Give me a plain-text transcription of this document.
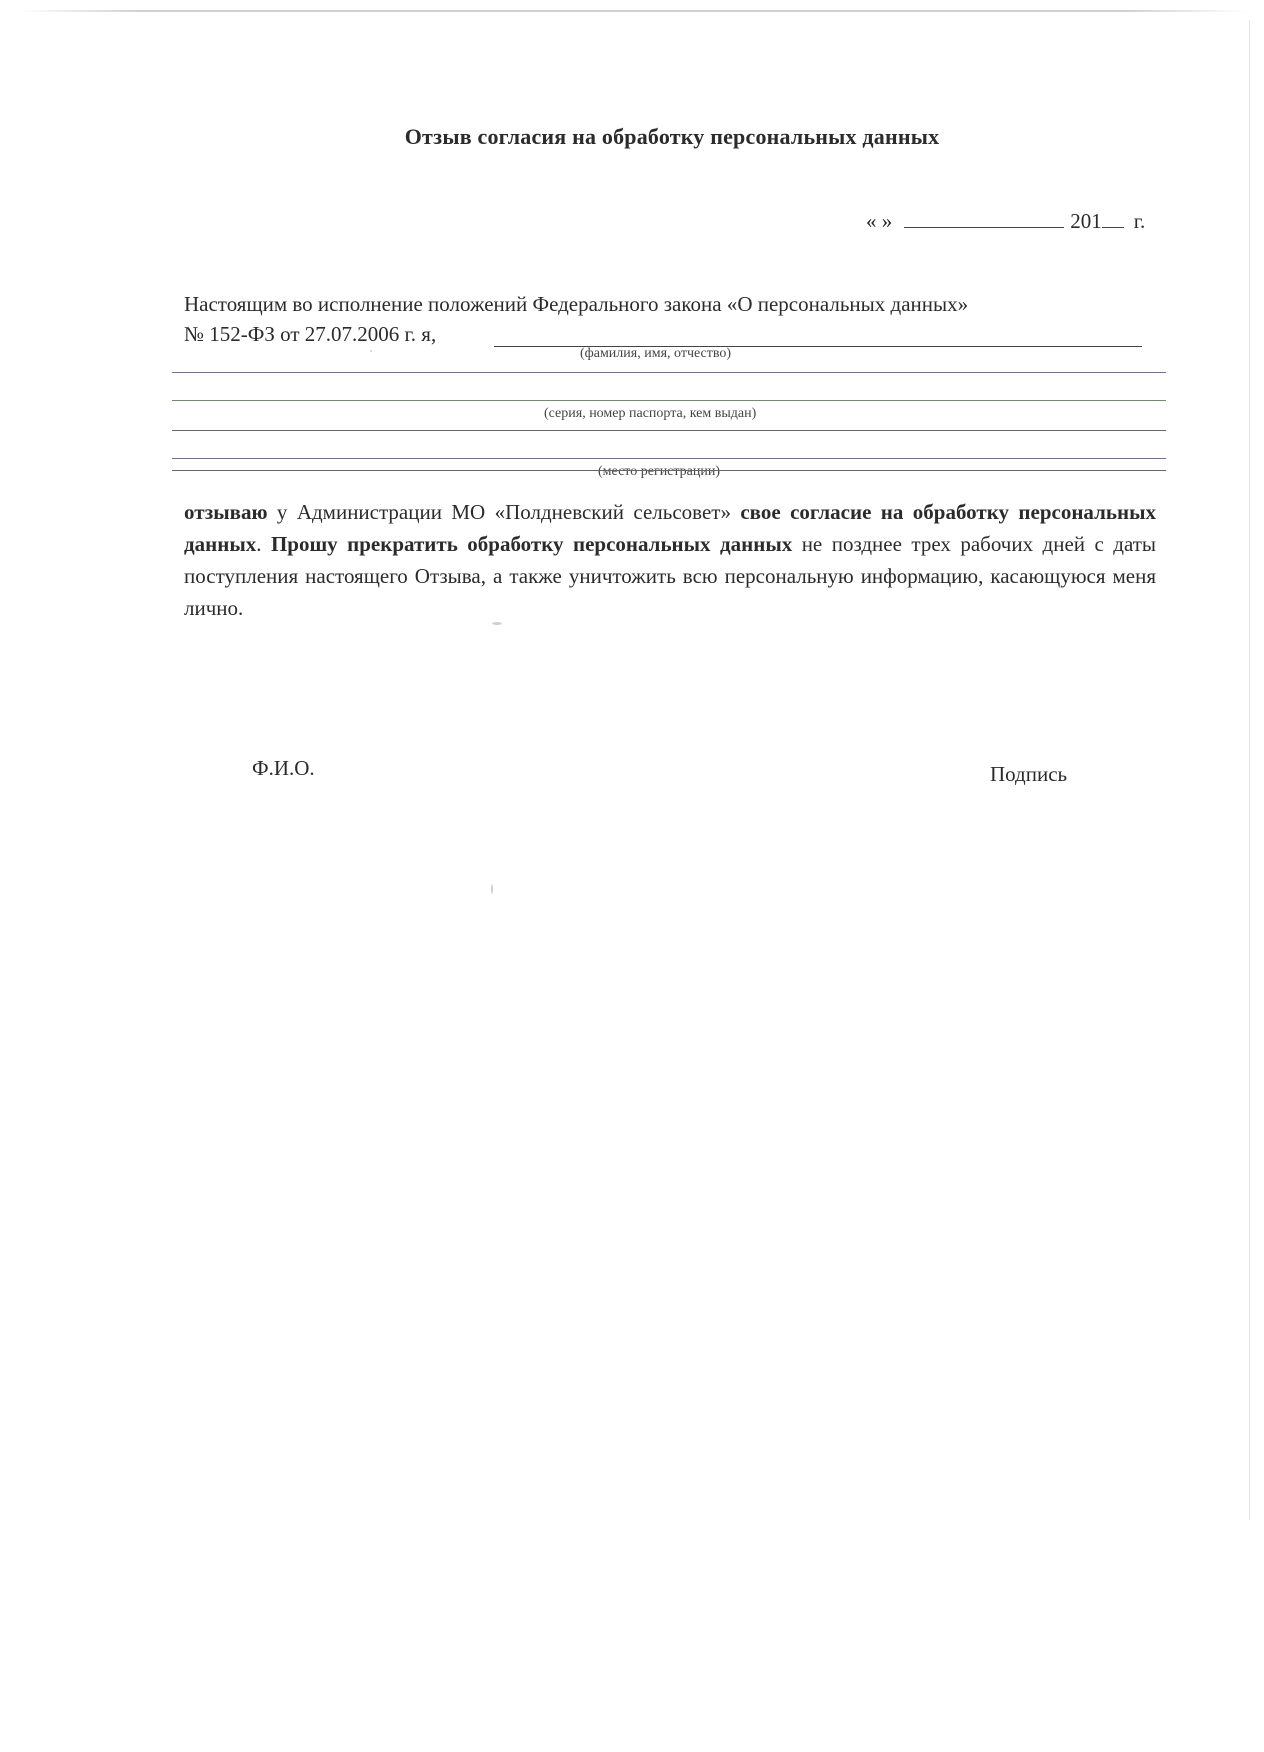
Отзыв согласия на обработку персональных данных
« »	201 г.
Настоящим во исполнение положений Федерального закона «О персональных данных»
№ 152-ФЗ от 27.07.2006 г. я,
(фамилия, имя, отчество)
(серия, номер паспорта, кем выдан)
(место регистрации)
отзываю у Администрации МО «Полдневский сельсовет» свое согласие на обработку персональных данных. Прошу прекратить обработку персональных данных не позднее трех рабочих дней с даты поступления настоящего Отзыва, а также уничтожить всю персональную информацию, касающуюся меня лично.
Ф.И.О.	Подпись
